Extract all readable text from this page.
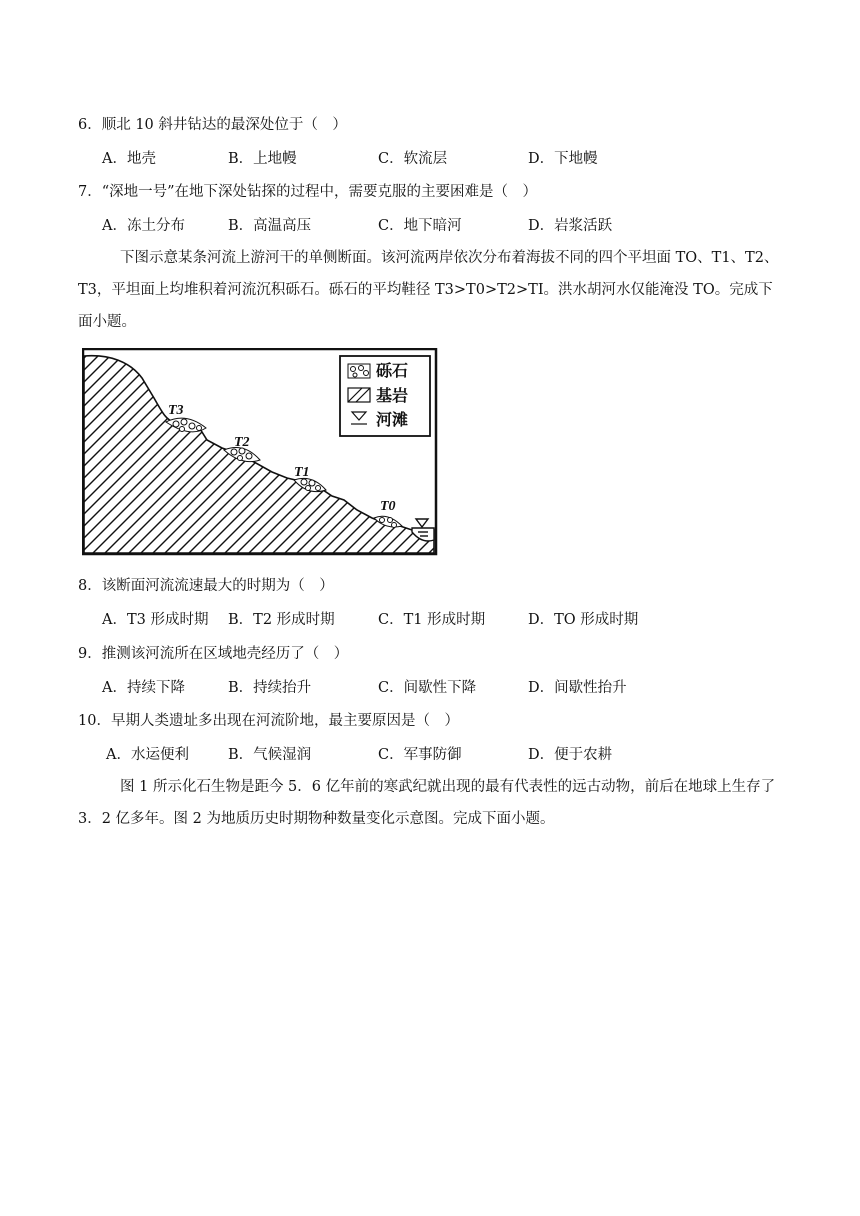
6．顺北 10 斜井钻达的最深处位于（　）
A．地壳	B．上地幔	C．软流层	D．下地幔
7．“深地一号”在地下深处钻探的过程中，需要克服的主要困难是（　）
A．冻土分布	B．高温高压	C．地下暗河	D．岩浆活跃
下图示意某条河流上游河干的单侧断面。该河流两岸依次分布着海拔不同的四个平坦面 TO、T1、T2、T3，平坦面上均堆积着河流沉积砾石。砾石的平均鞋径 T3>T0>T2>TI。洪水胡河水仅能淹没 TO。完成下面小题。
T3
T2
T1
T0
砾石
基岩
河滩
8．该断面河流流速最大的时期为（　）
A．T3 形成时期 B．T2 形成时期	C．T1 形成时期	D．TO 形成时期
9．推测该河流所在区域地壳经历了（　）
A．持续下降	B．持续抬升	C．间歇性下降	D．间歇性抬升
10．早期人类遗址多出现在河流阶地，最主要原因是（　）
A．水运便利	B．气候湿润	C．军事防御	D．便于农耕
图 1 所示化石生物是距今 5．6 亿年前的寒武纪就出现的最有代表性的远古动物，前后在地球上生存了 3．2 亿多年。图 2 为地质历史时期物种数量变化示意图。完成下面小题。
